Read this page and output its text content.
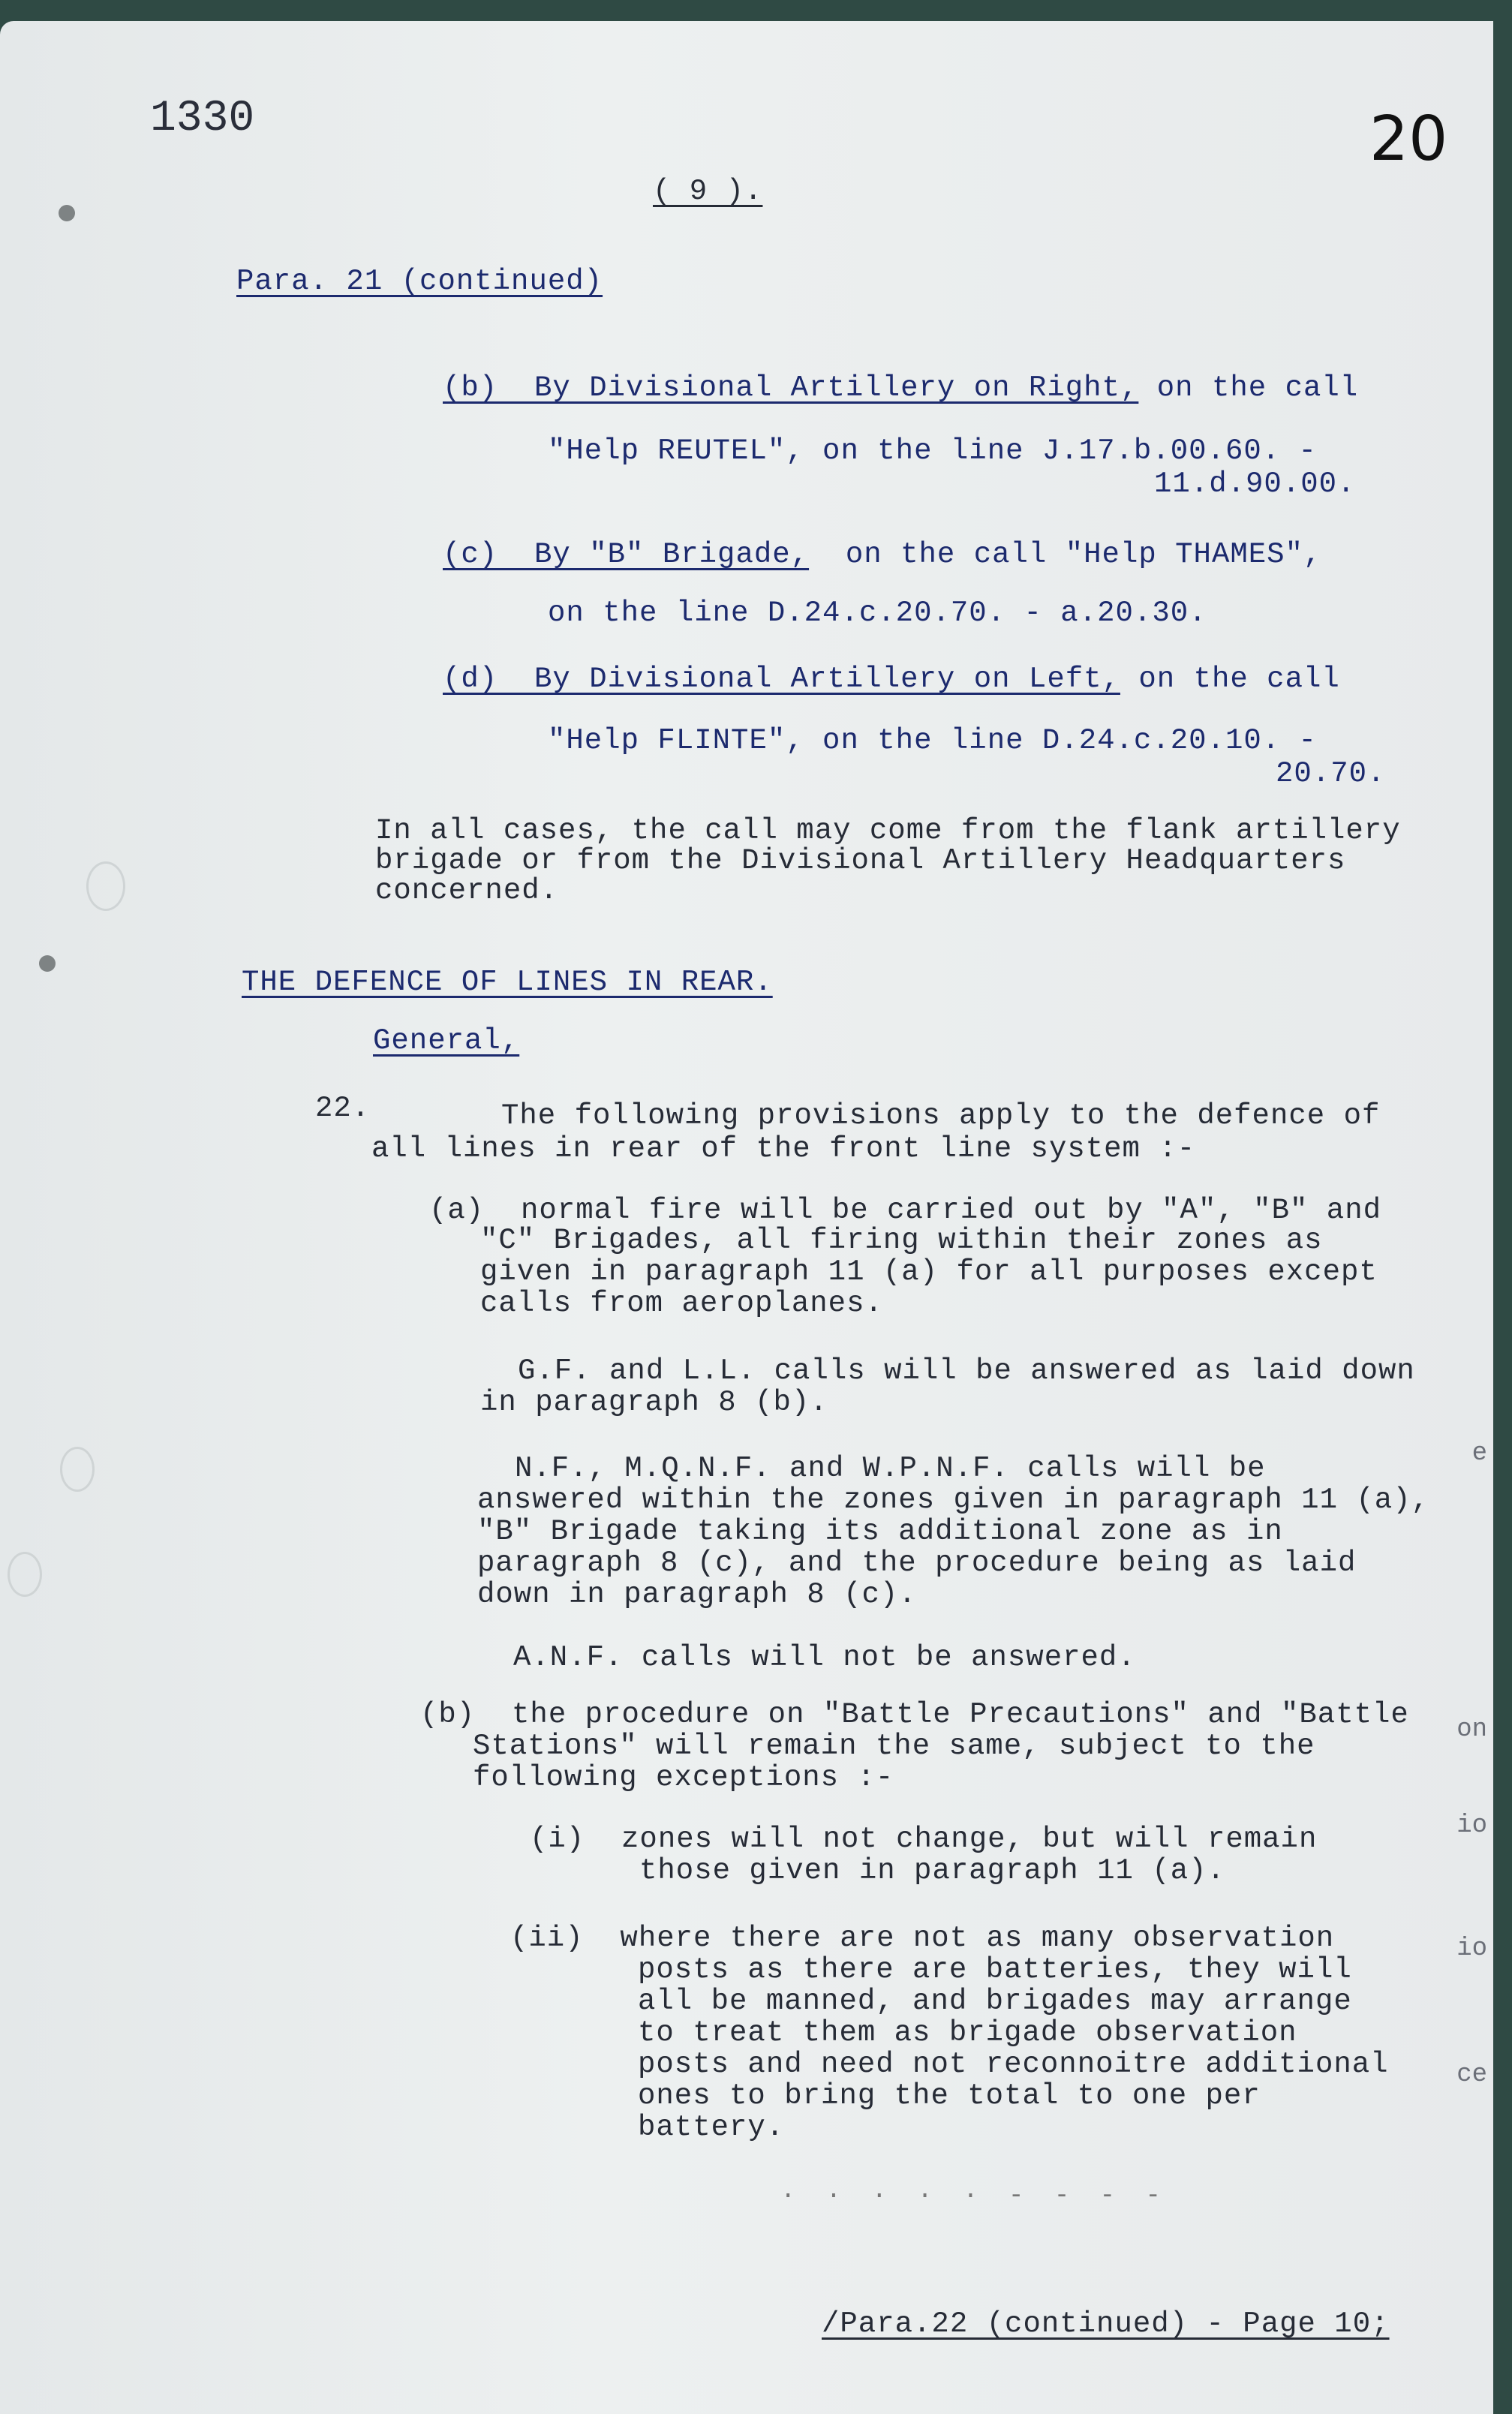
1330	20
( 9 ).
Para. 21 (continued)
(b)  By Divisional Artillery on Right, on the call
"Help REUTEL", on the line J.17.b.00.60. -
11.d.90.00.
(c)  By "B" Brigade,  on the call "Help THAMES",
on the line D.24.c.20.70. - a.20.30.
(d)  By Divisional Artillery on Left, on the call
"Help FLINTE", on the line D.24.c.20.10. -
20.70.
In all cases, the call may come from the flank artillery
brigade or from the Divisional Artillery Headquarters
concerned.
THE DEFENCE OF LINES IN REAR.
General,
22.	The following provisions apply to the defence of
all lines in rear of the front line system :-
(a)  normal fire will be carried out by "A", "B" and
"C" Brigades, all firing within their zones as
given in paragraph 11 (a) for all purposes except
calls from aeroplanes.
G.F. and L.L. calls will be answered as laid down
in paragraph 8 (b).
N.F., M.Q.N.F. and W.P.N.F. calls will be
answered within the zones given in paragraph 11 (a),
"B" Brigade taking its additional zone as in
paragraph 8 (c), and the procedure being as laid
down in paragraph 8 (c).
A.N.F. calls will not be answered.
(b)  the procedure on "Battle Precautions" and "Battle
Stations" will remain the same, subject to the
following exceptions :-
(i)  zones will not change, but will remain
those given in paragraph 11 (a).
(ii)  where there are not as many observation
posts as there are batteries, they will
all be manned, and brigades may arrange
to treat them as brigade observation
posts and need not reconnoitre additional
ones to bring the total to one per
battery.
· · · · · - - - -
/Para.22 (continued) - Page 10;
e
on
io
io
ce
